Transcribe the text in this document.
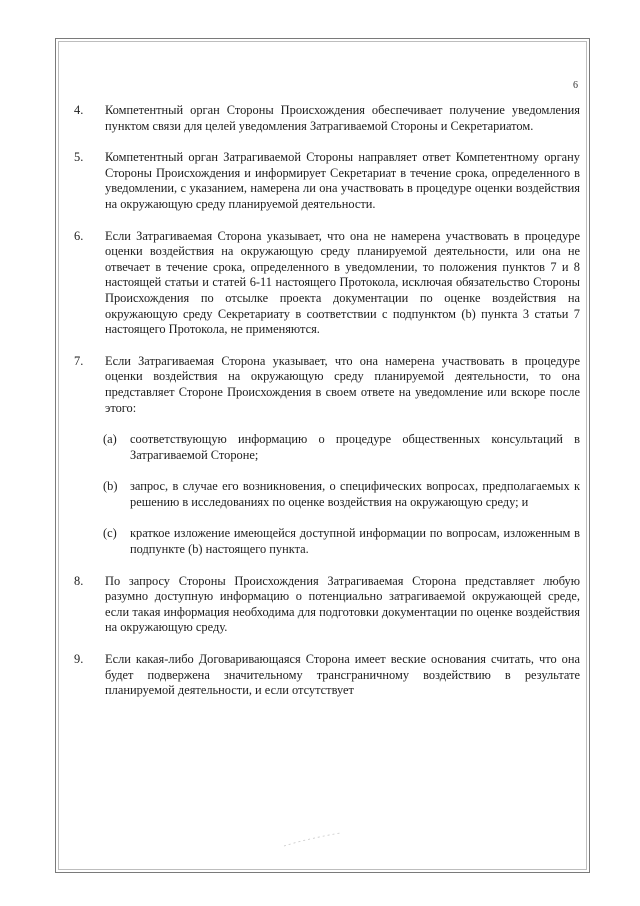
6
4.	Компетентный орган Стороны Происхождения обеспечивает получение уведомления пунктом связи для целей уведомления Затрагиваемой Стороны и Секретариатом.
5.	Компетентный орган Затрагиваемой Стороны направляет ответ Компетентному органу Стороны Происхождения и информирует Секретариат в течение срока, определенного в уведомлении, с указанием, намерена ли она участвовать в процедуре оценки воздействия на окружающую среду планируемой деятельности.
6.	Если Затрагиваемая Сторона указывает, что она не намерена участвовать в процедуре оценки воздействия на окружающую среду планируемой деятельности, или она не отвечает в течение срока, определенного в уведомлении, то положения пунктов 7 и 8 настоящей статьи и статей 6-11 настоящего Протокола, исключая обязательство Стороны Происхождения по отсылке проекта документации по оценке воздействия на окружающую среду Секретариату в соответствии с подпунктом (b) пункта 3 статьи 7 настоящего Протокола, не применяются.
7.	Если Затрагиваемая Сторона указывает, что она намерена участвовать в процедуре оценки воздействия на окружающую среду планируемой деятельности, то она представляет Стороне Происхождения в своем ответе на уведомление или вскоре после этого:
(a)	соответствующую информацию о процедуре общественных консультаций в Затрагиваемой Стороне;
(b)	запрос, в случае его возникновения, о специфических вопросах, предполагаемых к решению в исследованиях по оценке воздействия на окружающую среду; и
(c)	краткое изложение имеющейся доступной информации по вопросам, изложенным в подпункте (b) настоящего пункта.
8.	По запросу Стороны Происхождения Затрагиваемая Сторона представляет любую разумно доступную информацию о потенциально затрагиваемой окружающей среде, если такая информация необходима для подготовки документации по оценке воздействия на окружающую среду.
9.	Если какая-либо Договаривающаяся Сторона имеет веские основания считать, что она будет подвержена значительному трансграничному воздействию в результате планируемой деятельности, и если отсутствует
